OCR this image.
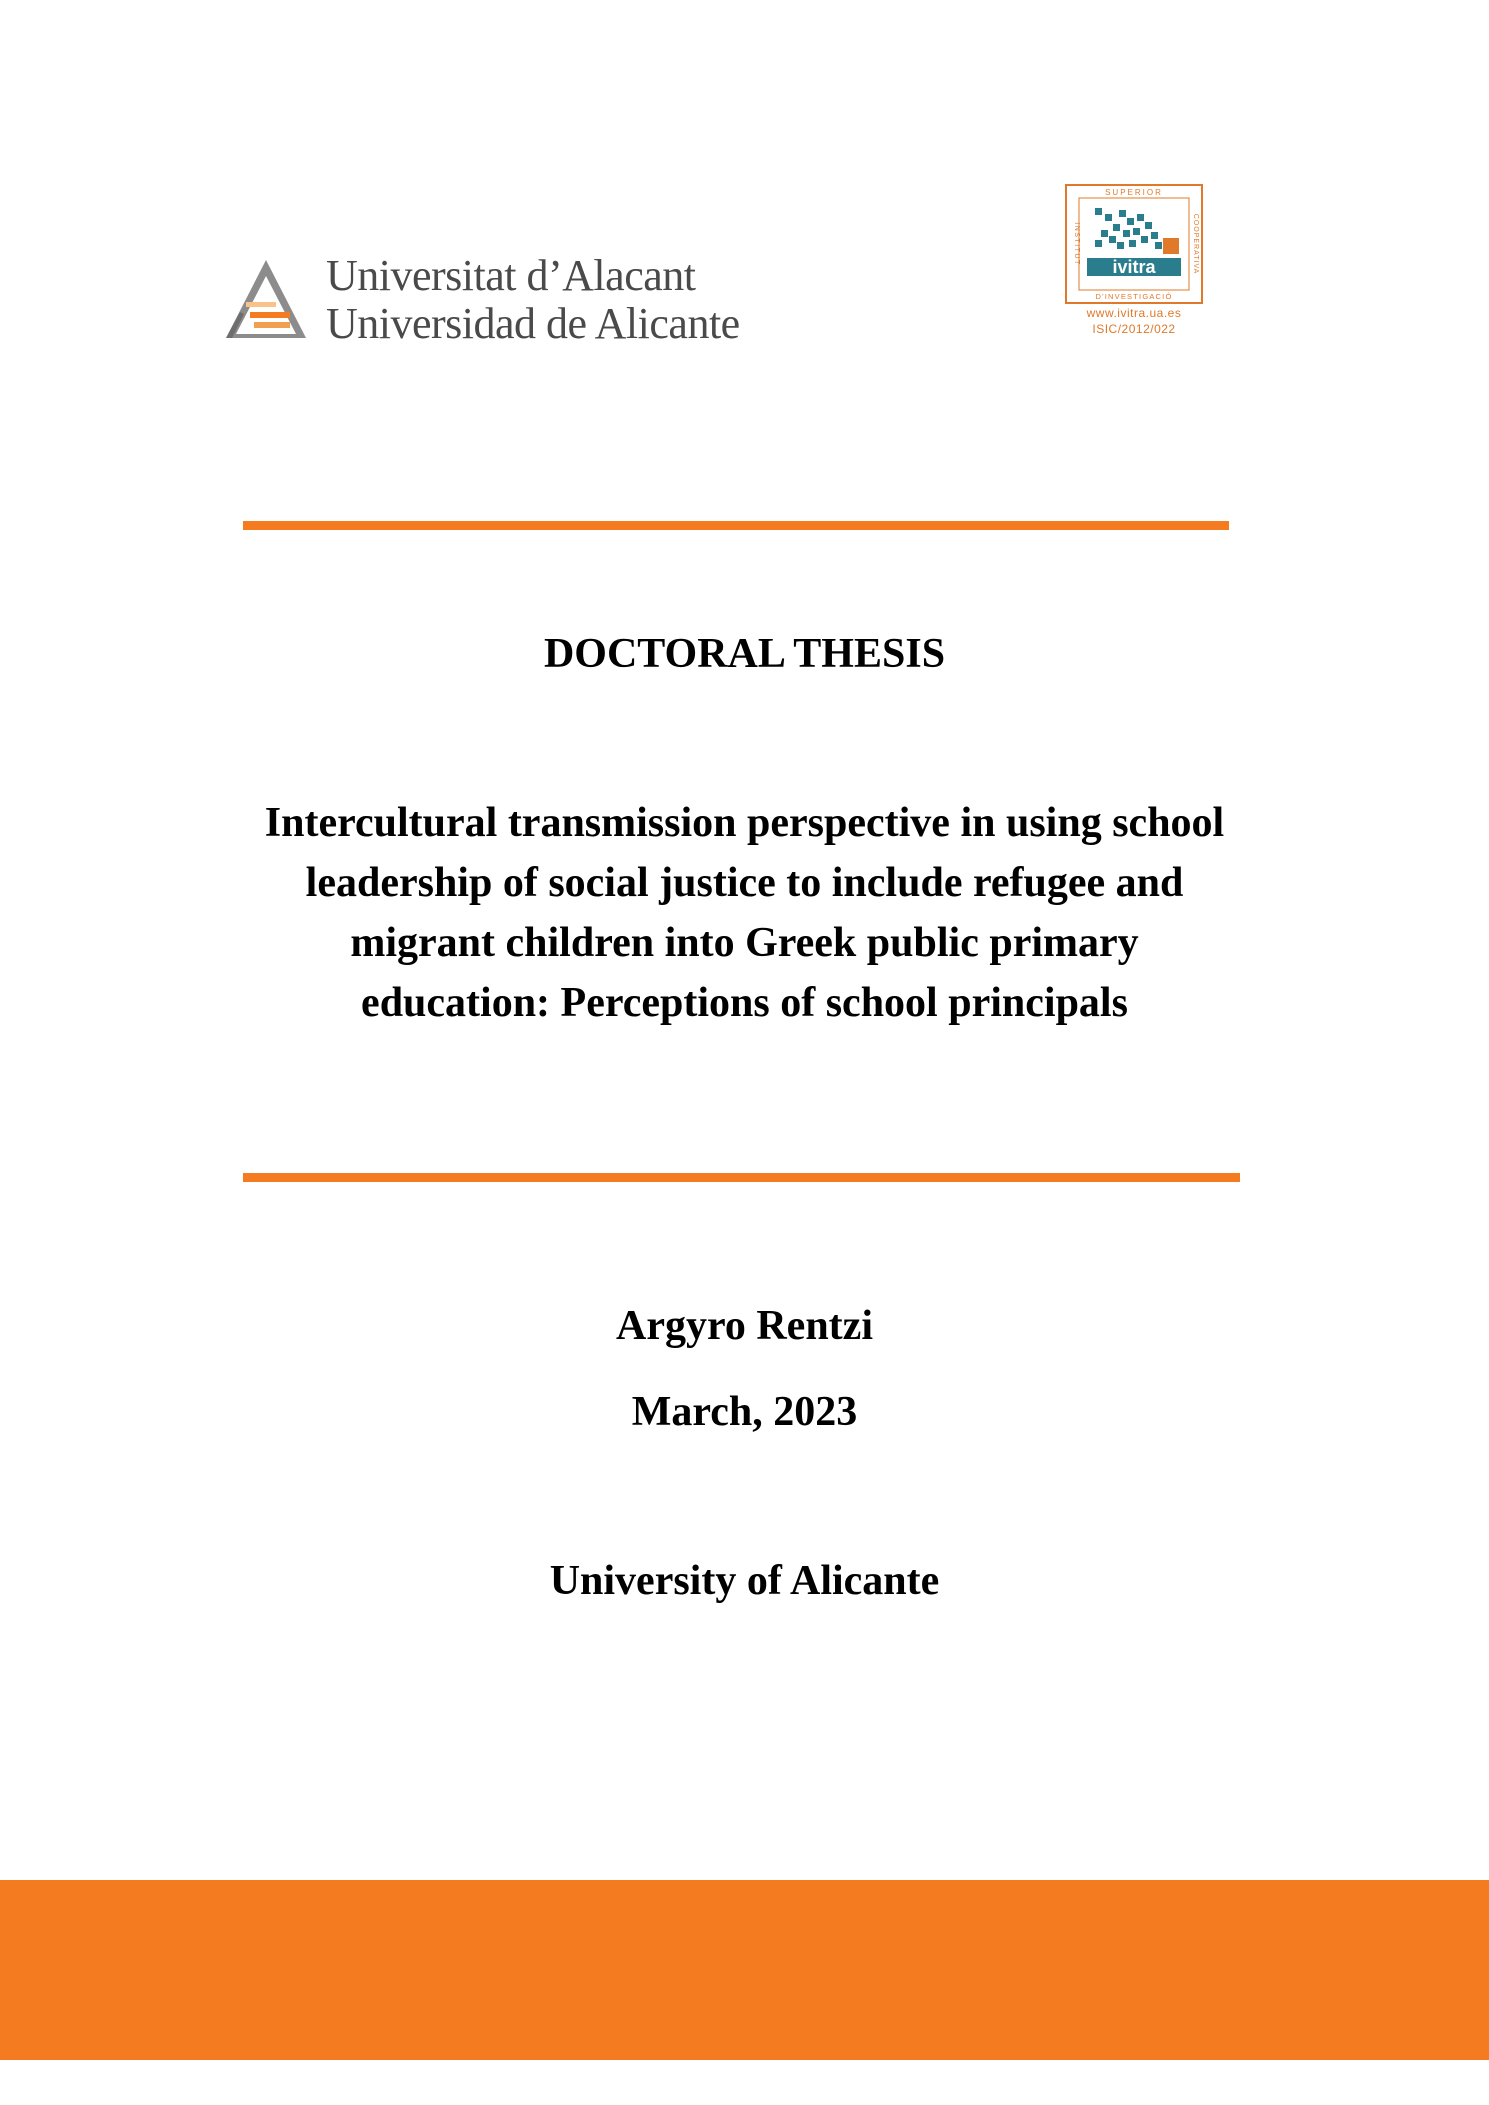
Universitat d’Alacant
Universidad de Alicante
ivitra
SUPERIOR
D'INVESTIGACIÓ
INSTITUT	COOPERATIVA
www.ivitra.ua.es
ISIC/2012/022
DOCTORAL THESIS
Intercultural transmission perspective in using school
leadership of social justice to include refugee and
migrant children into Greek public primary
education: Perceptions of school principals
Argyro Rentzi
March, 2023
University of Alicante
